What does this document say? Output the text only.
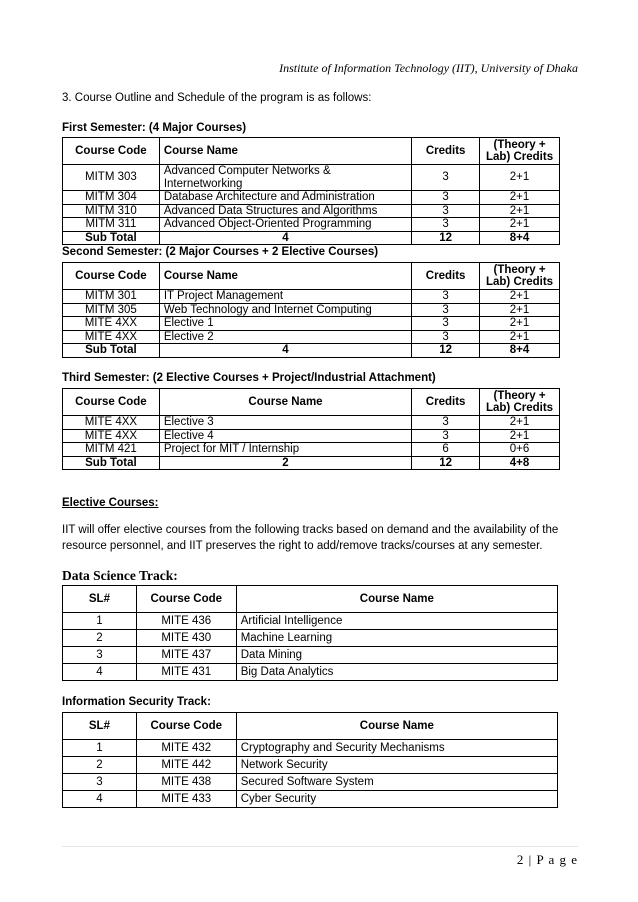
Institute of Information Technology (IIT), University of Dhaka
3. Course Outline and Schedule of the program is as follows:
First Semester: (4 Major Courses)
Course Code	Course Name	Credits	(Theory + Lab) Credits
MITM 303	Advanced Computer Networks & Internetworking	3	2+1
MITM 304	Database Architecture and Administration	3	2+1
MITM 310	Advanced Data Structures and Algorithms	3	2+1
MITM 311	Advanced Object-Oriented Programming	3	2+1
Sub Total	4	12	8+4
Second Semester: (2 Major Courses + 2 Elective Courses)
Course Code	Course Name	Credits	(Theory + Lab) Credits
MITM 301	IT Project Management	3	2+1
MITM 305	Web Technology and Internet Computing	3	2+1
MITE 4XX	Elective 1	3	2+1
MITE 4XX	Elective 2	3	2+1
Sub Total	4	12	8+4
Third Semester: (2 Elective Courses + Project/Industrial Attachment)
Course Code	Course Name	Credits	(Theory + Lab) Credits
MITE 4XX	Elective 3	3	2+1
MITE 4XX	Elective 4	3	2+1
MITM 421	Project for MIT / Internship	6	0+6
Sub Total	2	12	4+8
Elective Courses:
IIT will offer elective courses from the following tracks based on demand and the availability of the resource personnel, and IIT preserves the right to add/remove tracks/courses at any semester.
Data Science Track:
SL#	Course Code	Course Name
1	MITE 436	Artificial Intelligence
2	MITE 430	Machine Learning
3	MITE 437	Data Mining
4	MITE 431	Big Data Analytics
Information Security Track:
SL#	Course Code	Course Name
1	MITE 432	Cryptography and Security Mechanisms
2	MITE 442	Network Security
3	MITE 438	Secured Software System
4	MITE 433	Cyber Security
2 | P a g e
